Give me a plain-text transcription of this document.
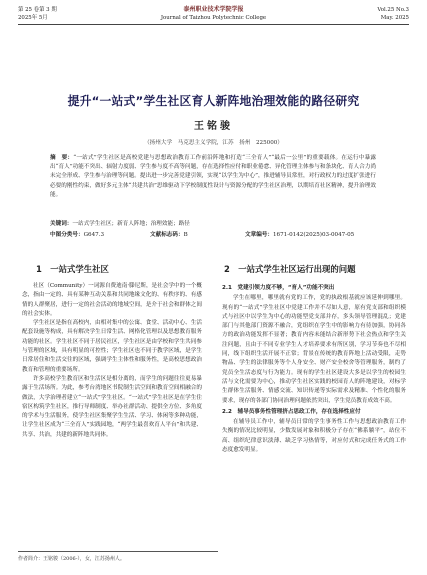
第 25 卷第 3 期
2025年 5月
泰州职业技术学院学报
Journal of Taizhou Polytechnic College
Vol.25 No.3
May. 2025
提升“一站式”学生社区育人新阵地治理效能的路径研究
王铭骏
（扬州大学　马克思主义学院，江苏　扬州　225000）
摘　要：“一站式”学生社区是高校党建与思想政治教育工作前沿阵地和打造“三全育人”“最后一公里”的重要载体。在运行中暴露出“育人”功能不突出、辐射力度弱、学生参与度不高等问题，存在选择性应付和职业倦怠、异化管理主体参与和条块化、育人合力尚未完全形成、学生参与治理等问题。提出进一步完善党建引领，实现“以学生为中心”，推进辅导员常驻，对行政权力的过度扩张进行必要的刚性约束，做好多元主体“共建共治”思维驱动下学校制度性设计与资源分配的学生社区治理，以期培育社区精神，提升治理效能。
关键词：一站式学生社区；新育人阵地；治理效能；路径
中图分类号：G647.3	文献标志码：B	文章编号：1671-0142(2025)03-0047-05
1　一站式学生社区	2　一站式学生社区运行出现的问题

社区（Community）一词源自费迪南·滕尼斯，是社会学中的一个概念，指由一定的、具有某种互动关系和共同地缘文化的、有秩序的、有感情的人群聚居，进行一定的社会活动的地域空间，是介于社会和群体之间的社会实体。

学生社区是指在高校内，由相对集中的公寓、食堂、活动中心、生活配套设施等构成，具有解决学生日常生活、网格化管理以及思想教育服务功能的社区。学生社区不同于居民社区，学生社区是由学校和学生共同参与管理的区域，具有明显的可控性；学生社区也不同于教学区域，是学生日常居住和生活交往的区域，强调学生主体性和服务性，是高校思想政治教育和管理的重要场所。

许多高校学生教育区和生活区是相分离的，而学生的问题往往更易暴露于生活场所。为此，参考台湾地区书院制生活空间和教育空间相融合的做法，大学治理者建立“一站式”学生社区。“一站式”学生社区是在学生住宿区构筑学生社区，推行导师制度、举办社群活动、提供全方位、多角度的学术与生活服务，使学生社区集聚学生生活、学习、体闲等多种功能，让学生社区成为“三全育人”实践园地，“两学生最喜欢育人平台”和共建、共享、共治，共建的新阵地共同体。

2.1　党建引领力度不够，“育人”功能不突出

学生在哪里，哪里就有党的工作，党的执政根基就应该延伸到哪里。现有的“一站式”学生社区中党建工作并不尽如人意，原有党支部和组织模式与社区中以学生为中心的功能型党支部并存，多头领导管理混乱；党建部门与其他部门资源不融合，党组织在学生中的影响力有待加强，协同各方的政治功能发挥不显著；教育内容未能结合新形势下社会热点和学生关注问题，且由于不同专业学生人才培养要求有所区别，学习节奏也不尽相同，线下组织生活开展不正常；背景在传统的教育阵地上活动受限，走势物品、学生的法律服务等个人身安全、财产安全校舍等管理服务，制约了党员全生活态度与行为能力。现有的学生社区建设大多是以学生的校园生活与文化需要为中心，推动学生社区实践的校园育人的阵地建设，对标学生群体生活服务、情感交流、知识传递等实际需求及精准、个性化的服务要求，现存的各部门协同治理问题依然突出，学生党员教育成效不高。

2.2　辅导员事务性管理挤占思政工作，存在选择性应付

在辅导员工作中，辅导员日常的学生事务性工作与思想政治教育工作失衡的情况比较明显，少数发展对象和积极分子存在“佛系躺平”，站位不高、组织纪律意识淡薄、缺乏学习热情等，对应付式和完成任务式的工作态度愈发明显。

作者简介：王铭骏（2006-），女，江苏扬州人。
